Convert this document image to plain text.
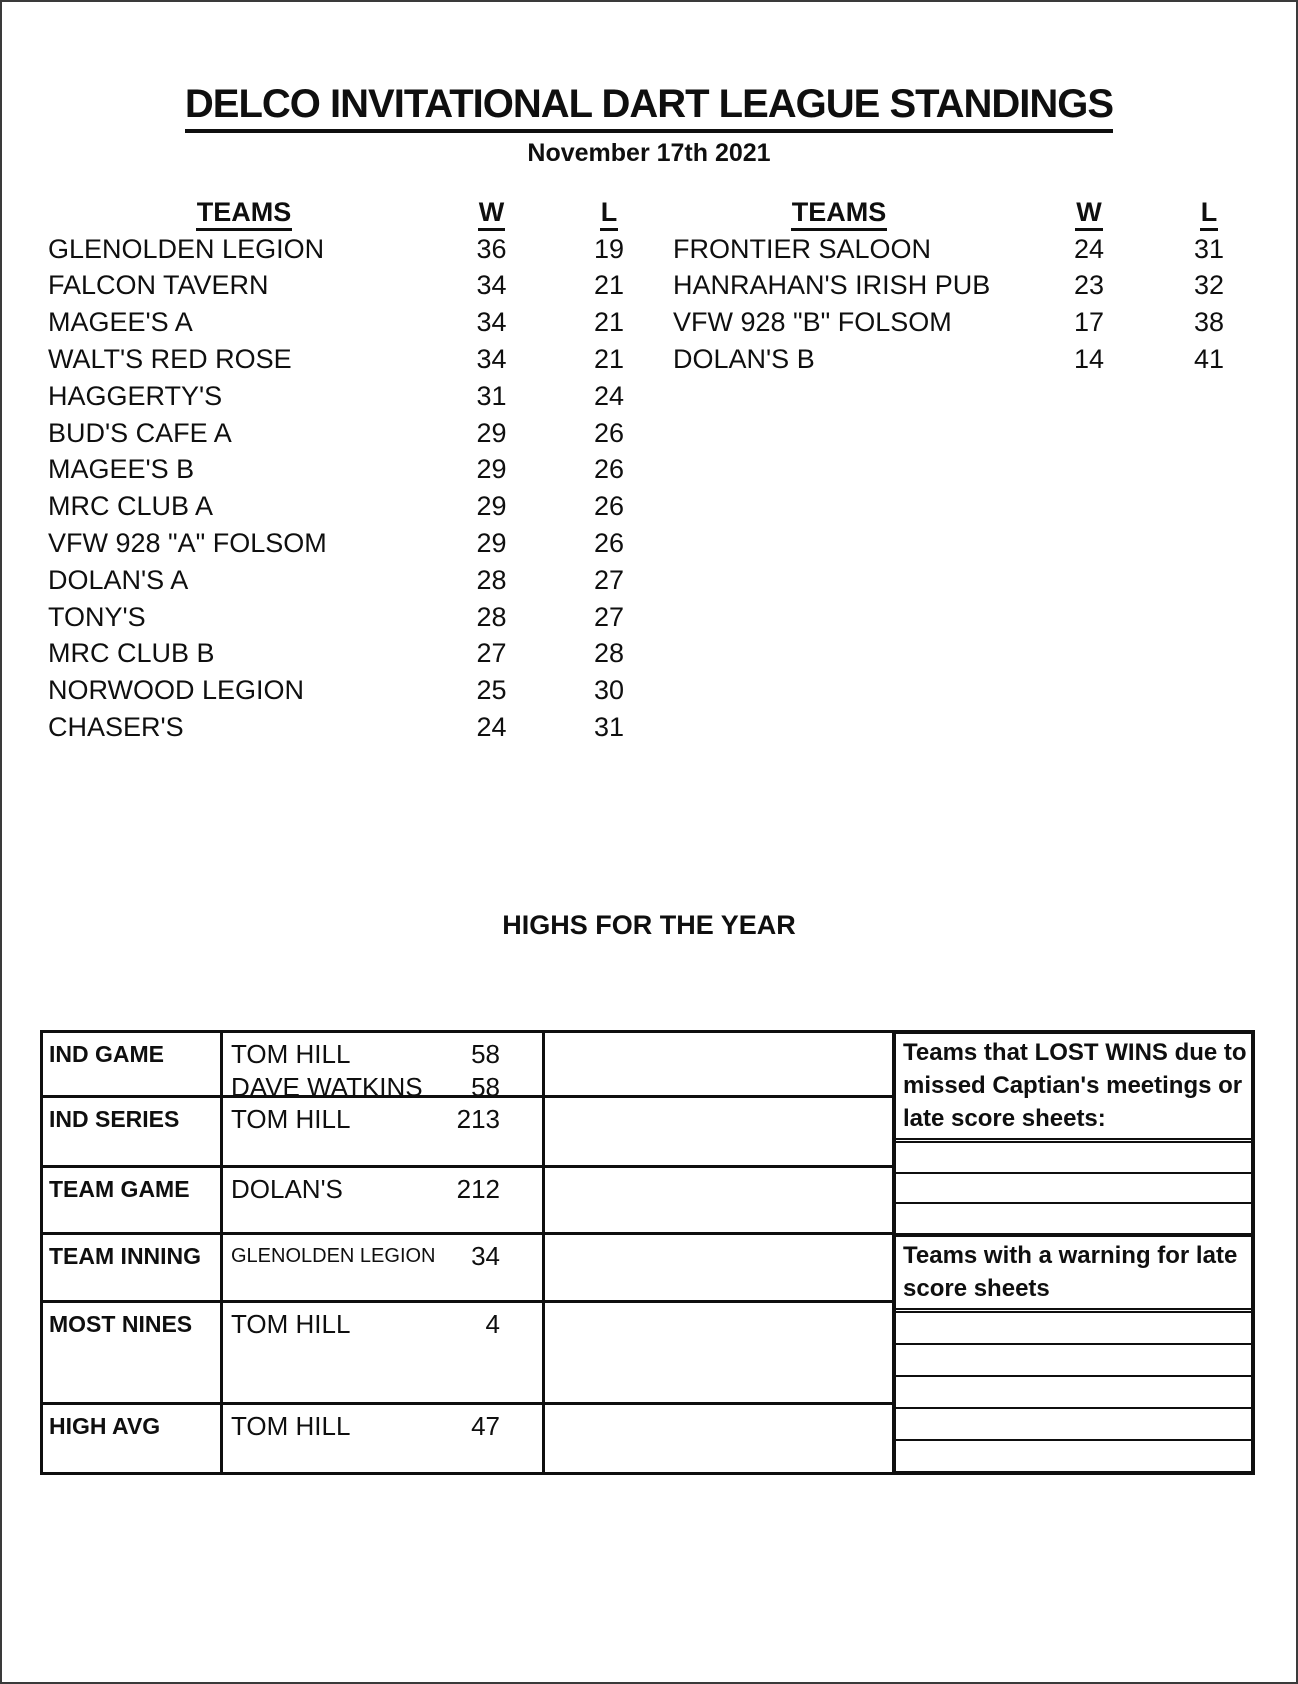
DELCO INVITATIONAL DART LEAGUE STANDINGS
November 17th 2021
TEAMS	W	L
GLENOLDEN LEGION	36	19
FALCON TAVERN	34	21
MAGEE'S A	34	21
WALT'S RED ROSE	34	21
HAGGERTY'S	31	24
BUD'S CAFE A	29	26
MAGEE'S B	29	26
MRC CLUB A	29	26
VFW 928 "A" FOLSOM	29	26
DOLAN'S A	28	27
TONY'S	28	27
MRC CLUB B	27	28
NORWOOD LEGION	25	30
CHASER'S	24	31
TEAMS	W	L
FRONTIER SALOON	24	31
HANRAHAN'S IRISH PUB	23	32
VFW 928 "B" FOLSOM	17	38
DOLAN'S B	14	41
HIGHS FOR THE YEAR
IND GAME	TOM HILL	58
DAVE WATKINS 58
IND SERIES	TOM HILL	213
TEAM GAME	DOLAN'S	212
TEAM INNING	GLENOLDEN LEGION 34
MOST NINES	TOM HILL	4
HIGH AVG	TOM HILL	47
Teams that LOST WINS due to missed Captian's meetings or late score sheets:
Teams with a warning for late score sheets
